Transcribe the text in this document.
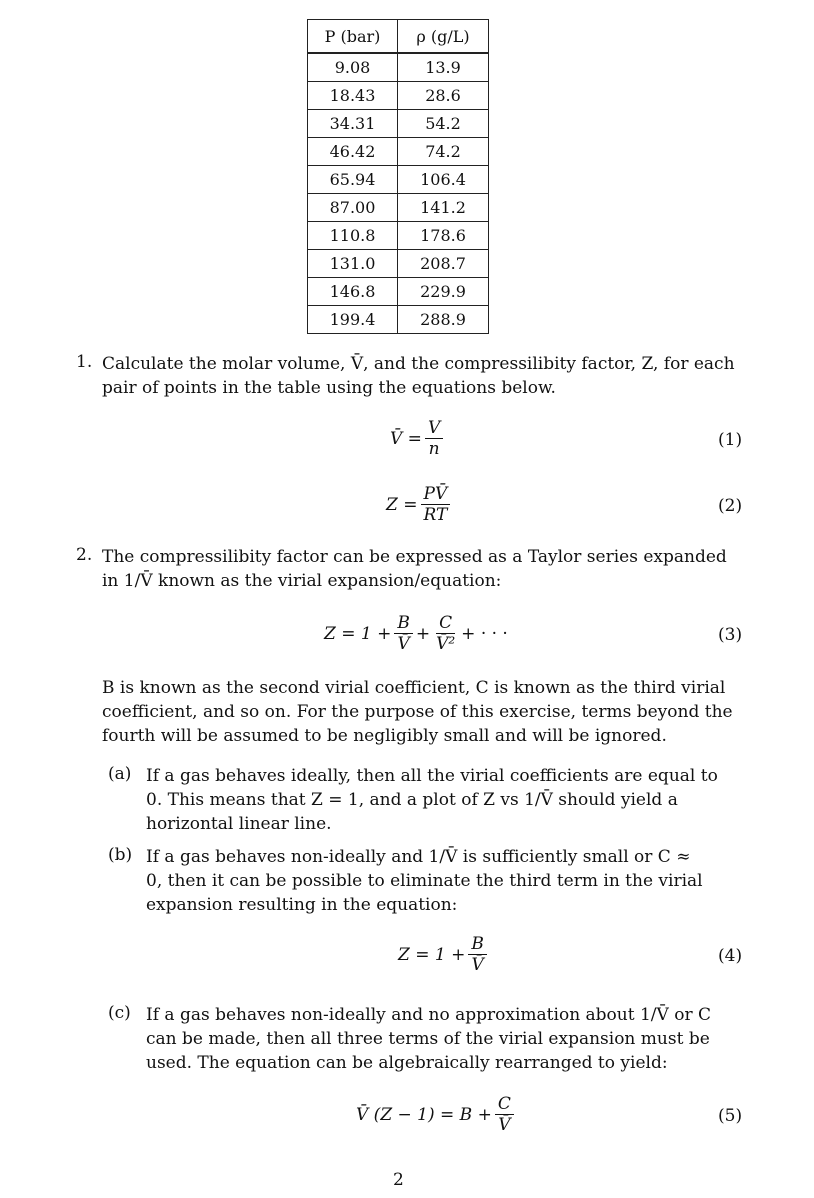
P (bar)	ρ (g/L)
9.08	13.9
18.43	28.6
34.31	54.2
46.42	74.2
65.94	106.4
87.00	141.2
110.8	178.6
131.0	208.7
146.8	229.9
199.4	288.9
1. Calculate the molar volume, V̄, and the compressilibity factor, Z, for each
pair of points in the table using the equations below.
V̄ = $\frac{V}{n}$	(1)
$Z = \frac{PV̄}{RT}$	(2)
2. The compressilibity factor can be expressed as a Taylor series expanded
in 1/V̄ known as the virial expansion/equation:
$Z = 1 + \frac{B}{V̄} + \frac{C}{\text{V̄²}}$ + · · ·	(3)
B is known as the second virial coefficient, C is known as the third virial
coefficient, and so on. For the purpose of this exercise, terms beyond the
fourth will be assumed to be negligibly small and will be ignored.
(a) If a gas behaves ideally, then all the virial coefficients are equal to
0. This means that Z = 1, and a plot of Z vs 1/V̄ should yield a
horizontal linear line.
(b) If a gas behaves non-ideally and 1/V̄ is sufficiently small or C ≈
0, then it can be possible to eliminate the third term in the virial
expansion resulting in the equation:
$Z = 1 + \frac{B}{V̄}$	(4)
(c) If a gas behaves non-ideally and no approximation about 1/V̄ or C
can be made, then all three terms of the virial expansion must be
used. The equation can be algebraically rearranged to yield:
V̄ $(Z - 1) = B + \frac{C}{V̄}$	(5)
2
